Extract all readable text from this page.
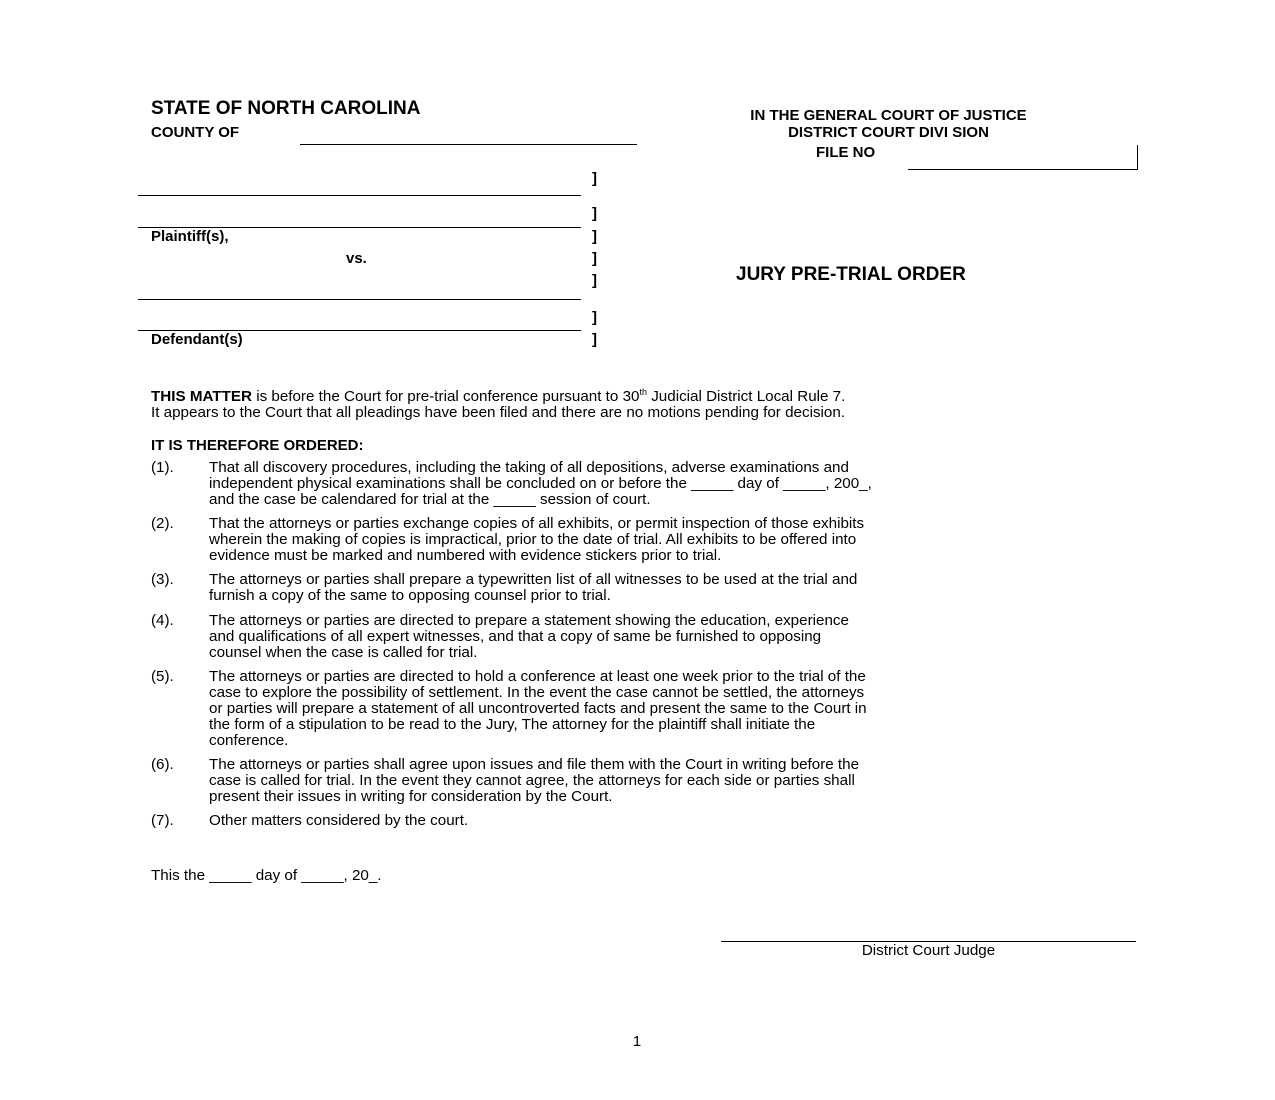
STATE OF NORTH CAROLINA
COUNTY OF
IN THE GENERAL COURT OF JUSTICE
DISTRICT COURT DIVI SION
FILE NO
Plaintiff(s),
vs.
Defendant(s)
]
]
]
]
]
]
]
JURY PRE-TRIAL ORDER
THIS MATTER is before the Court for pre-trial conference pursuant to 30th Judicial District Local Rule 7.
It appears to the Court that all pleadings have been filed and there are no motions pending for decision.
IT IS THEREFORE ORDERED:
(1). That all discovery procedures, including the taking of all depositions, adverse examinations and
independent physical examinations shall be concluded on or before the _____ day of _____, 200_,
and the case be calendared for trial at the _____ session of court.
(2). That the attorneys or parties exchange copies of all exhibits, or permit inspection of those exhibits
wherein the making of copies is impractical, prior to the date of trial. All exhibits to be offered into
evidence must be marked and numbered with evidence stickers prior to trial.
(3). The attorneys or parties shall prepare a typewritten list of all witnesses to be used at the trial and
furnish a copy of the same to opposing counsel prior to trial.
(4). The attorneys or parties are directed to prepare a statement showing the education, experience
and qualifications of all expert witnesses, and that a copy of same be furnished to opposing
counsel when the case is called for trial.
(5). The attorneys or parties are directed to hold a conference at least one week prior to the trial of the
case to explore the possibility of settlement. In the event the case cannot be settled, the attorneys
or parties will prepare a statement of all uncontroverted facts and present the same to the Court in
the form of a stipulation to be read to the Jury, The attorney for the plaintiff shall initiate the
conference.
(6). The attorneys or parties shall agree upon issues and file them with the Court in writing before the
case is called for trial. In the event they cannot agree, the attorneys for each side or parties shall
present their issues in writing for consideration by the Court.
(7). Other matters considered by the court.
This the _____ day of _____, 20_.
District Court Judge
1
